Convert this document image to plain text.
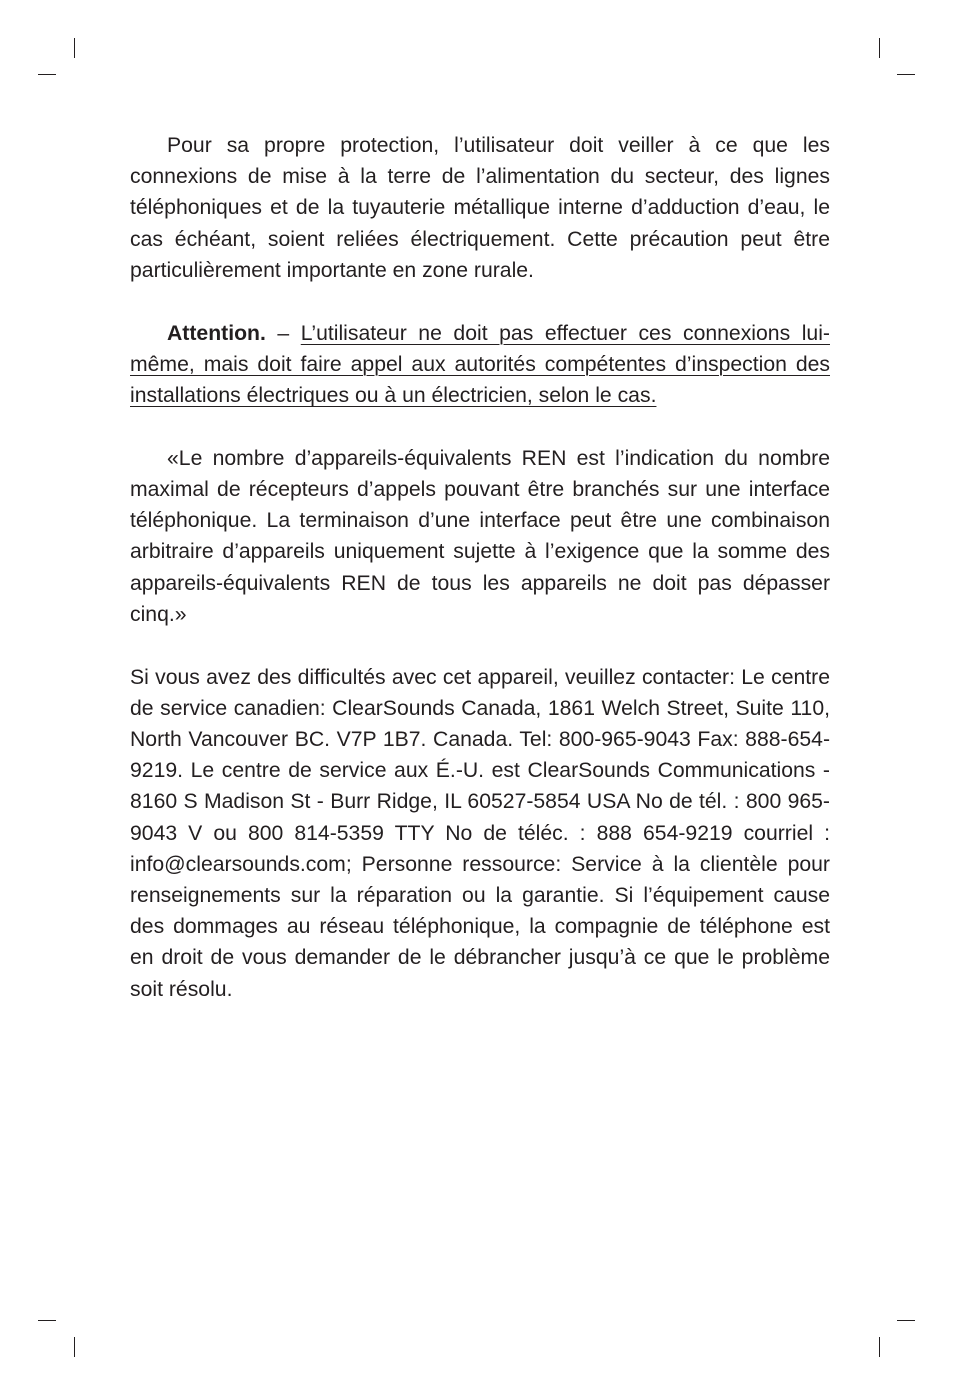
Pour sa propre protection, l’utilisateur doit veiller à ce que les connexions de mise à la terre de l’alimentation du secteur, des lignes téléphoniques et de la tuyauterie métallique interne d’adduction d’eau, le cas échéant, soient reliées électriquement. Cette précaution peut être particulièrement importante en zone rurale.

Attention. – L’utilisateur ne doit pas effectuer ces connexions lui-même, mais doit faire appel aux autorités compétentes d’inspection des installations électriques ou à un électricien, selon le cas.

«Le nombre d’appareils-équivalents REN est l’indication du nombre maximal de récepteurs d’appels pouvant être branchés sur une interface téléphonique. La terminaison d’une interface peut être une combinaison arbitraire d’appareils uniquement sujette à l’exigence que la somme des appareils-équivalents REN de tous les appareils ne doit pas dépasser cinq.»

Si vous avez des difficultés avec cet appareil, veuillez contacter: Le centre de service canadien: ClearSounds Canada, 1861 Welch Street, Suite 110, North Vancouver BC. V7P 1B7. Canada. Tel: 800-965-9043 Fax: 888-654-9219. Le centre de service aux É.-U. est ClearSounds Communications - 8160 S Madison St - Burr Ridge, IL 60527-5854 USA No de tél. : 800 965-9043 V ou 800 814-5359 TTY No de téléc. : 888 654-9219 courriel : info@clearsounds.com; Personne ressource: Service à la clientèle pour renseignements sur la réparation ou la garantie. Si l’équipement cause des dommages au réseau téléphonique, la compagnie de téléphone est en droit de vous demander de le débrancher jusqu’à ce que le problème soit résolu.
